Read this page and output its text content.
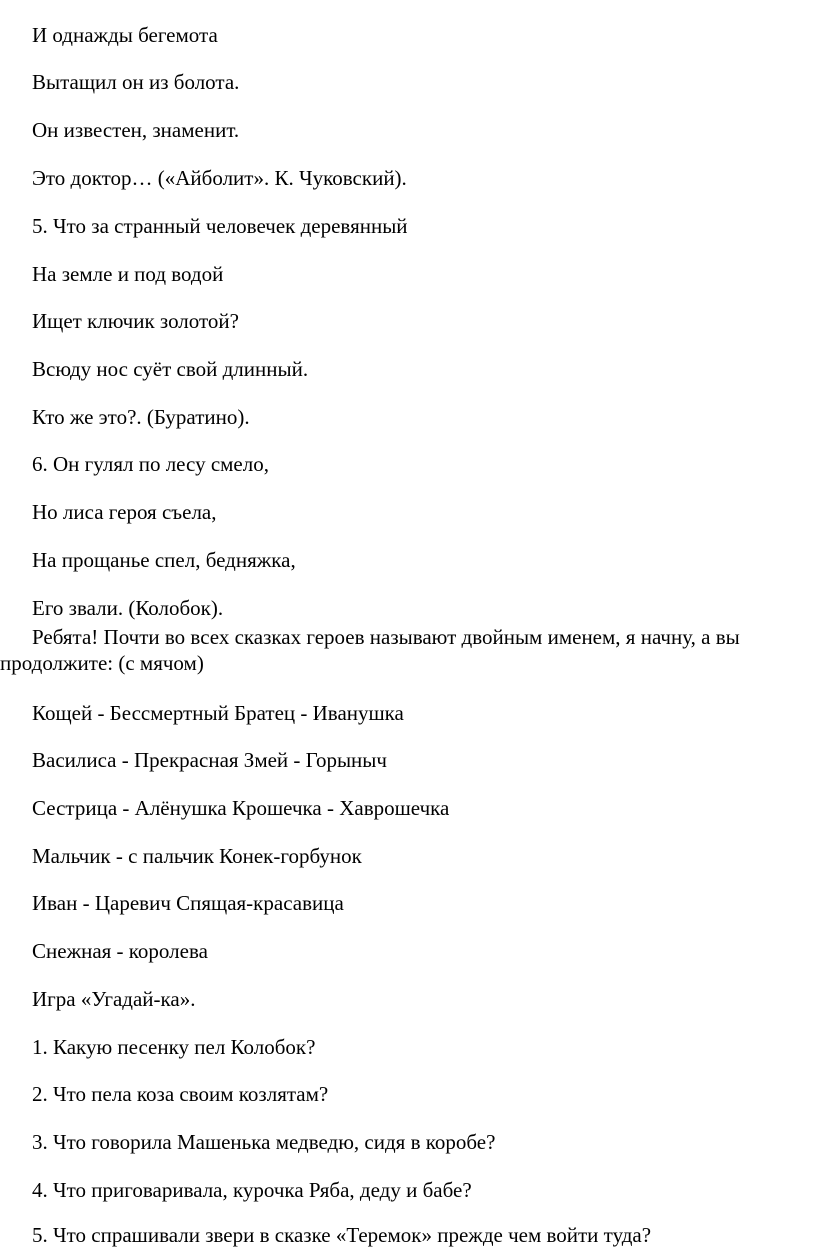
И однажды бегемота
Вытащил он из болота.
Он известен, знаменит.
Это доктор… («Айболит». К. Чуковский).
5. Что за странный человечек деревянный
На земле и под водой
Ищет ключик золотой?
Всюду нос суёт свой длинный.
Кто же это?. (Буратино).
6. Он гулял по лесу смело,
Но лиса героя съела,
На прощанье спел, бедняжка,
Его звали. (Колобок).
Ребята! Почти во всех сказках героев называют двойным именем, я начну, а вы продолжите: (с мячом)
Кощей - Бессмертный Братец - Иванушка
Василиса - Прекрасная Змей - Горыныч
Сестрица - Алёнушка Крошечка - Хаврошечка
Мальчик - с пальчик Конек-горбунок
Иван - Царевич Спящая-красавица
Снежная - королева
Игра «Угадай-ка».
1. Какую песенку пел Колобок?
2. Что пела коза своим козлятам?
3. Что говорила Машенька медведю, сидя в коробе?
4. Что приговаривала, курочка Ряба, деду и бабе?
5. Что спрашивали звери в сказке «Теремок» прежде чем войти туда?
